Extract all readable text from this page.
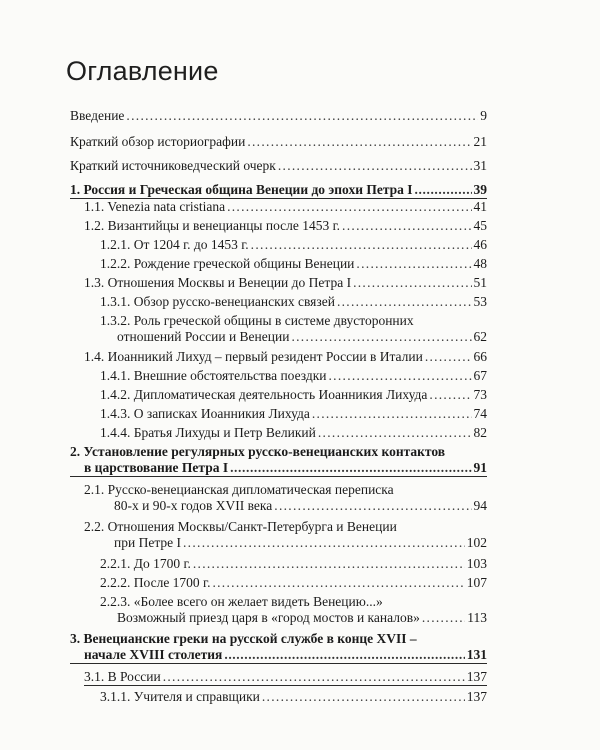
Оглавление
Введение .....	9
Краткий обзор историографии .....	21
Краткий источниковедческий очерк .....	31
1. Россия и Греческая община Венеции до эпохи Петра I .....	39
1.1. Venezia nata cristiana .....	41
1.2. Византийцы и венецианцы после 1453 г. .....	45
1.2.1. От 1204 г. до 1453 г. .....	46
1.2.2. Рождение греческой общины Венеции .....	48
1.3. Отношения Москвы и Венеции до Петра I .....	51
1.3.1. Обзор русско-венецианских связей .....	53
1.3.2. Роль греческой общины в системе двусторонних
отношений России и Венеции .....	62
1.4. Иоанникий Лихуд – первый резидент России в Италии .....	66
1.4.1. Внешние обстоятельства поездки .....	67
1.4.2. Дипломатическая деятельность Иоанникия Лихуда .....	73
1.4.3. О записках Иоанникия Лихуда .....	74
1.4.4. Братья Лихуды и Петр Великий .....	82
2. Установление регулярных русско-венецианских контактов
в царствование Петра I .....	91
2.1. Русско-венецианская дипломатическая переписка
80-х и 90-х годов XVII века .....	94
2.2. Отношения Москвы/Санкт-Петербурга и Венеции
при Петре I .....	102
2.2.1. До 1700 г. .....	103
2.2.2. После 1700 г. .....	107
2.2.3. «Более всего он желает видеть Венецию...»
Возможный приезд царя в «город мостов и каналов» .....	113
3. Венецианские греки на русской службе в конце XVII –
начале XVIII столетия .....	131
3.1. В России .....	137
3.1.1. Учителя и справщики .....	137
